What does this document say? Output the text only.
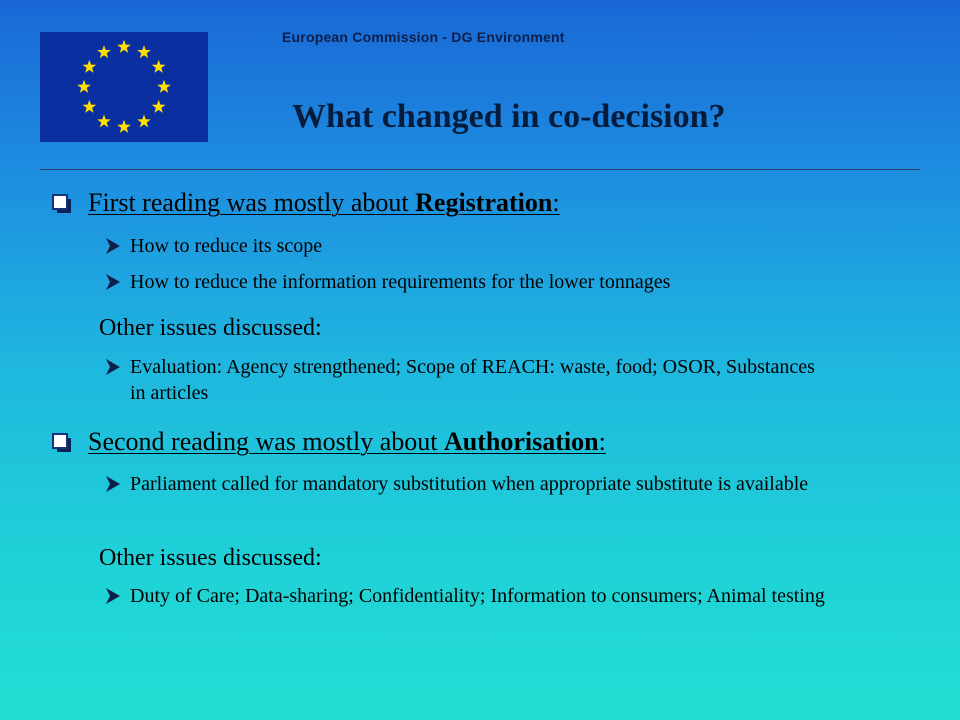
European Commission - DG Environment
What changed in co-decision?
First reading was mostly about Registration:
How to reduce its scope
How to reduce the information requirements for the lower tonnages
Other issues discussed:
Evaluation: Agency strengthened; Scope of REACH: waste, food; OSOR, Substances in articles
Second reading was mostly about Authorisation:
Parliament called for mandatory substitution when appropriate substitute is available
Other issues discussed:
Duty of Care; Data-sharing; Confidentiality; Information to consumers; Animal testing
